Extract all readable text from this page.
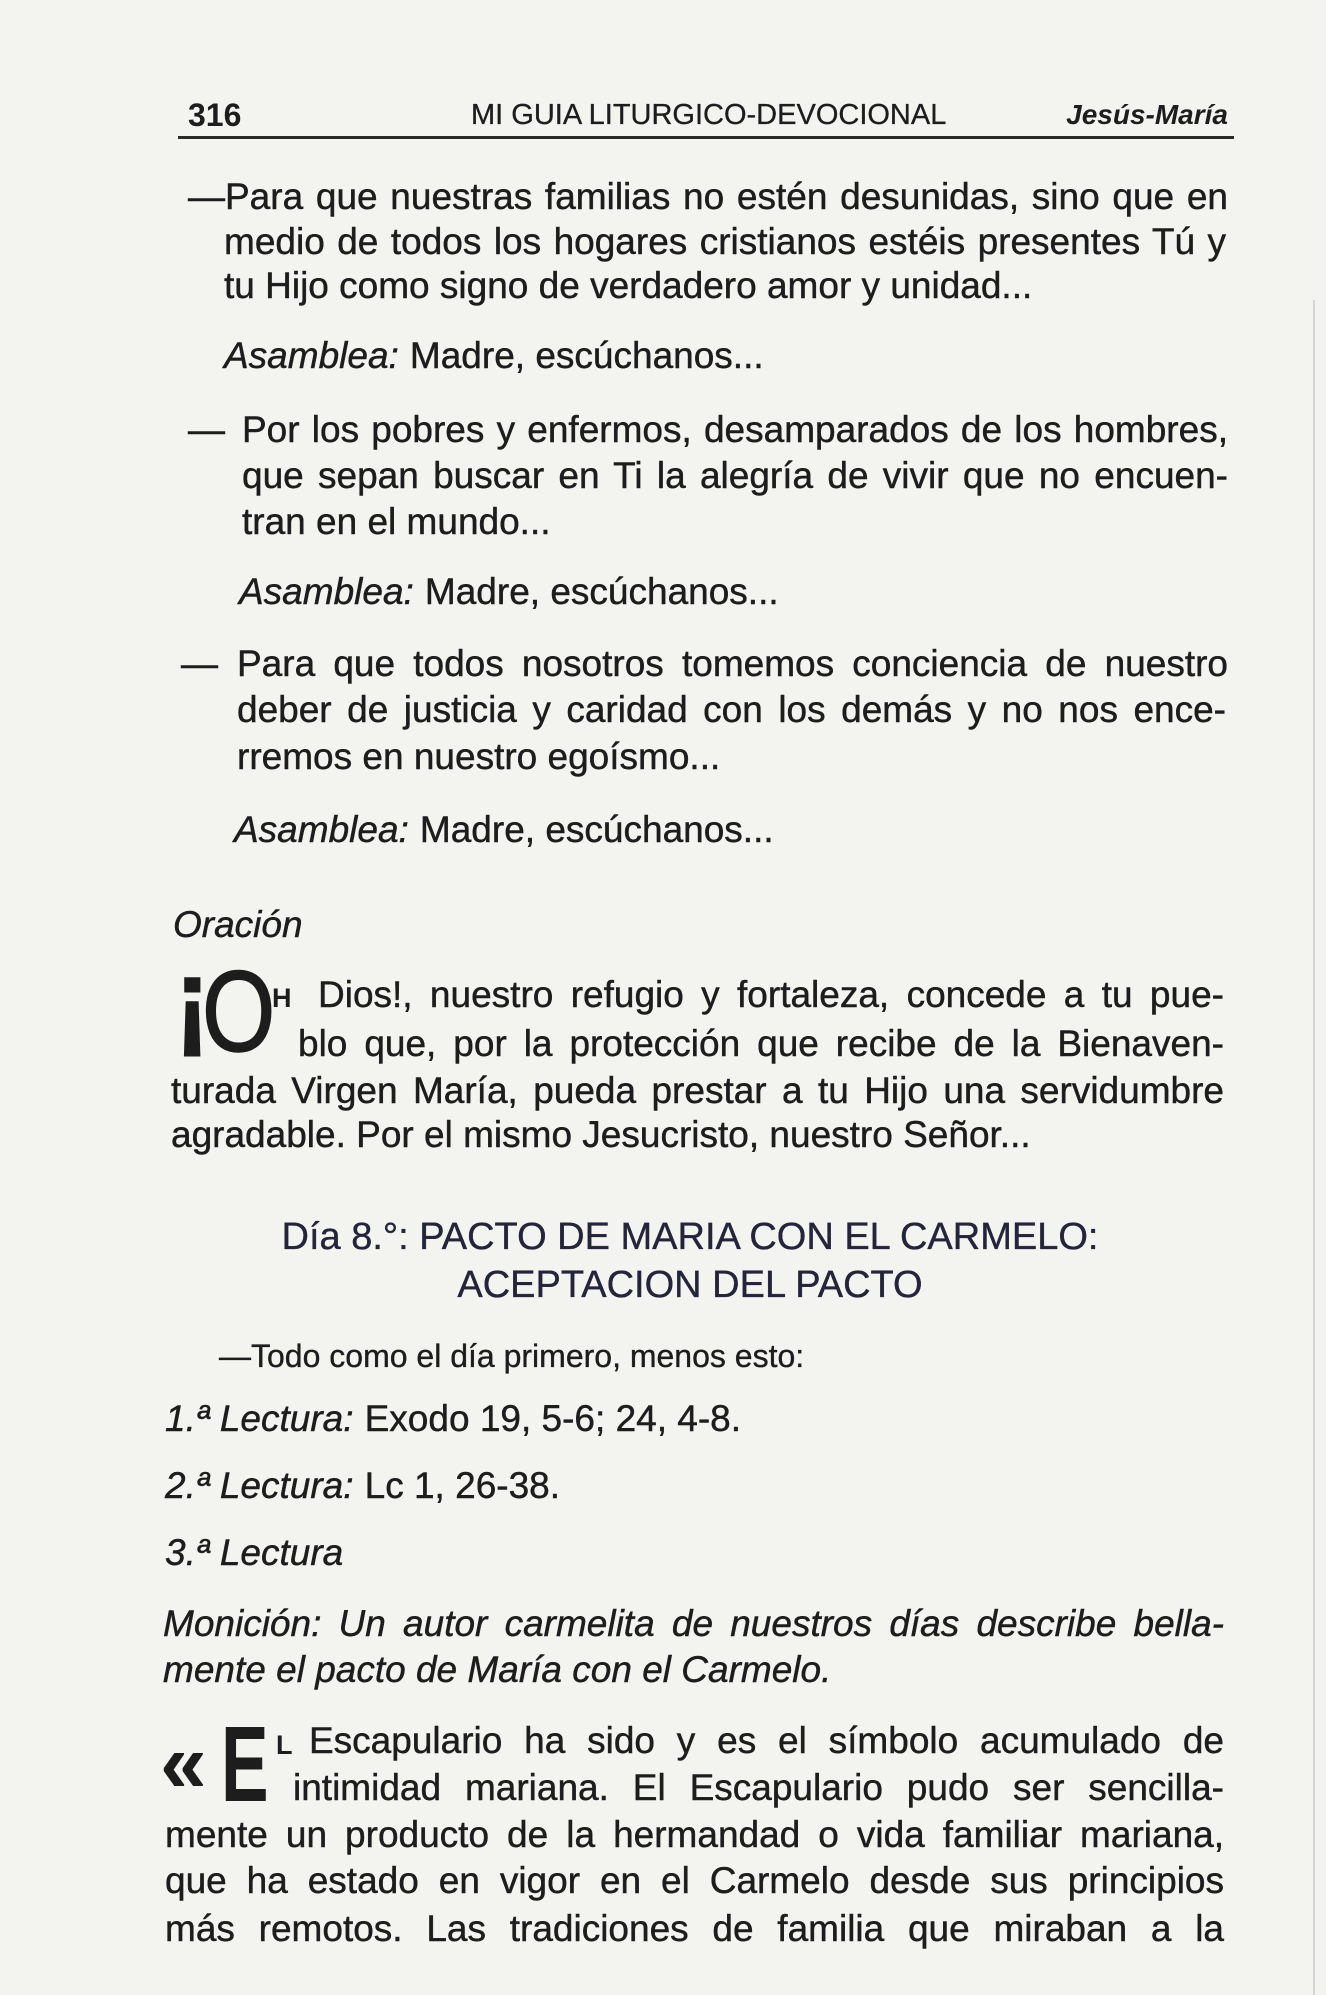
316	MI GUIA LITURGICO-DEVOCIONAL	Jesús-María
—Para que nuestras familias no estén desunidas, sino que en
medio de todos los hogares cristianos estéis presentes Tú y
tu Hijo como signo de verdadero amor y unidad...
Asamblea: Madre, escúchanos...
— Por los pobres y enfermos, desamparados de los hombres,
que sepan buscar en Ti la alegría de vivir que no encuen-
tran en el mundo...
Asamblea: Madre, escúchanos...
— Para que todos nosotros tomemos conciencia de nuestro
deber de justicia y caridad con los demás y no nos ence-
rremos en nuestro egoísmo...
Asamblea: Madre, escúchanos...
Oración
¡
O
H Dios!, nuestro refugio y fortaleza, concede a tu pue-
blo que, por la protección que recibe de la Bienaven-
turada Virgen María, pueda prestar a tu Hijo una servidumbre
agradable. Por el mismo Jesucristo, nuestro Señor...
Día 8.°: PACTO DE MARIA CON EL CARMELO:
ACEPTACION DEL PACTO
—Todo como el día primero, menos esto:
1.ª Lectura: Exodo 19, 5-6; 24, 4-8.
2.ª Lectura: Lc 1, 26-38.
3.ª Lectura
Monición: Un autor carmelita de nuestros días describe bella-
mente el pacto de María con el Carmelo.
« E L Escapulario ha sido y es el símbolo acumulado de
intimidad mariana. El Escapulario pudo ser sencilla-
mente un producto de la hermandad o vida familiar mariana,
que ha estado en vigor en el Carmelo desde sus principios
más remotos. Las tradiciones de familia que miraban a la
